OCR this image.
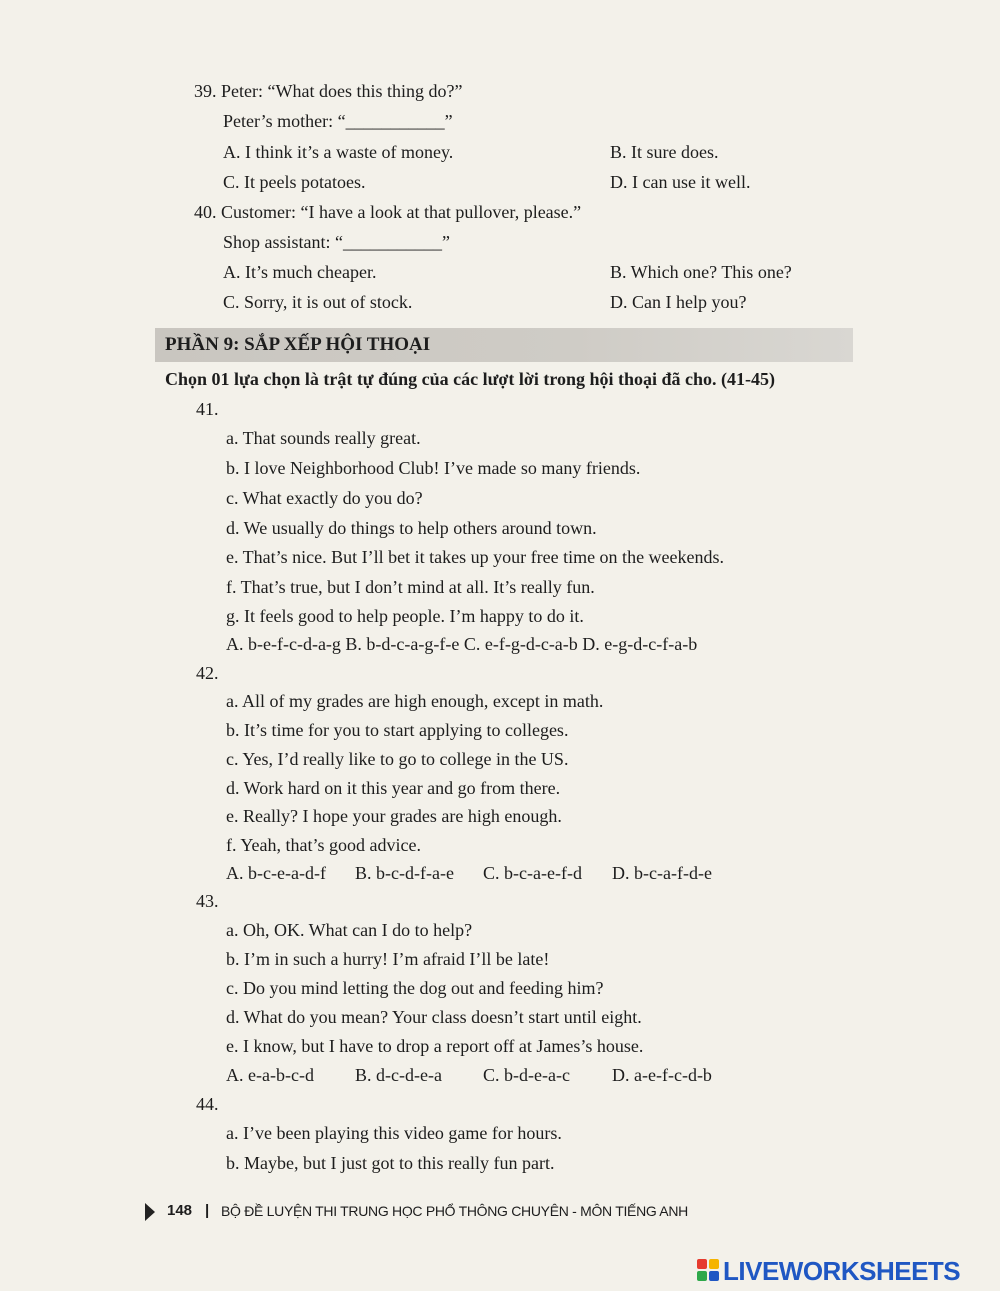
39. Peter: “What does this thing do?”
Peter’s mother: “___________”
A. I think it’s a waste of money.	B. It sure does.
C. It peels potatoes.	D. I can use it well.
40. Customer: “I have a look at that pullover, please.”
Shop assistant: “___________”
A. It’s much cheaper.	B. Which one? This one?
C. Sorry, it is out of stock.	D. Can I help you?
PHẦN 9: SẮP XẾP HỘI THOẠI
Chọn 01 lựa chọn là trật tự đúng của các lượt lời trong hội thoại đã cho. (41-45)
41.
a. That sounds really great.
b. I love Neighborhood Club! I’ve made so many friends.
c. What exactly do you do?
d. We usually do things to help others around town.
e. That’s nice. But I’ll bet it takes up your free time on the weekends.
f. That’s true, but I don’t mind at all. It’s really fun.
g. It feels good to help people. I’m happy to do it.
A. b-e-f-c-d-a-g B. b-d-c-a-g-f-e C. e-f-g-d-c-a-b D. e-g-d-c-f-a-b
42.
a. All of my grades are high enough, except in math.
b. It’s time for you to start applying to colleges.
c. Yes, I’d really like to go to college in the US.
d. Work hard on it this year and go from there.
e. Really? I hope your grades are high enough.
f. Yeah, that’s good advice.
A. b-c-e-a-d-f B. b-c-d-f-a-e C. b-c-a-e-f-d D. b-c-a-f-d-e
43.
a. Oh, OK. What can I do to help?
b. I’m in such a hurry! I’m afraid I’ll be late!
c. Do you mind letting the dog out and feeding him?
d. What do you mean? Your class doesn’t start until eight.
e. I know, but I have to drop a report off at James’s house.
A. e-a-b-c-d B. d-c-d-e-a C. b-d-e-a-c D. a-e-f-c-d-b
44.
a. I’ve been playing this video game for hours.
b. Maybe, but I just got to this really fun part.
148 | BỘ ĐỀ LUYỆN THI TRUNG HỌC PHỔ THÔNG CHUYÊN - MÔN TIẾNG ANH
LIVEWORKSHEETS
